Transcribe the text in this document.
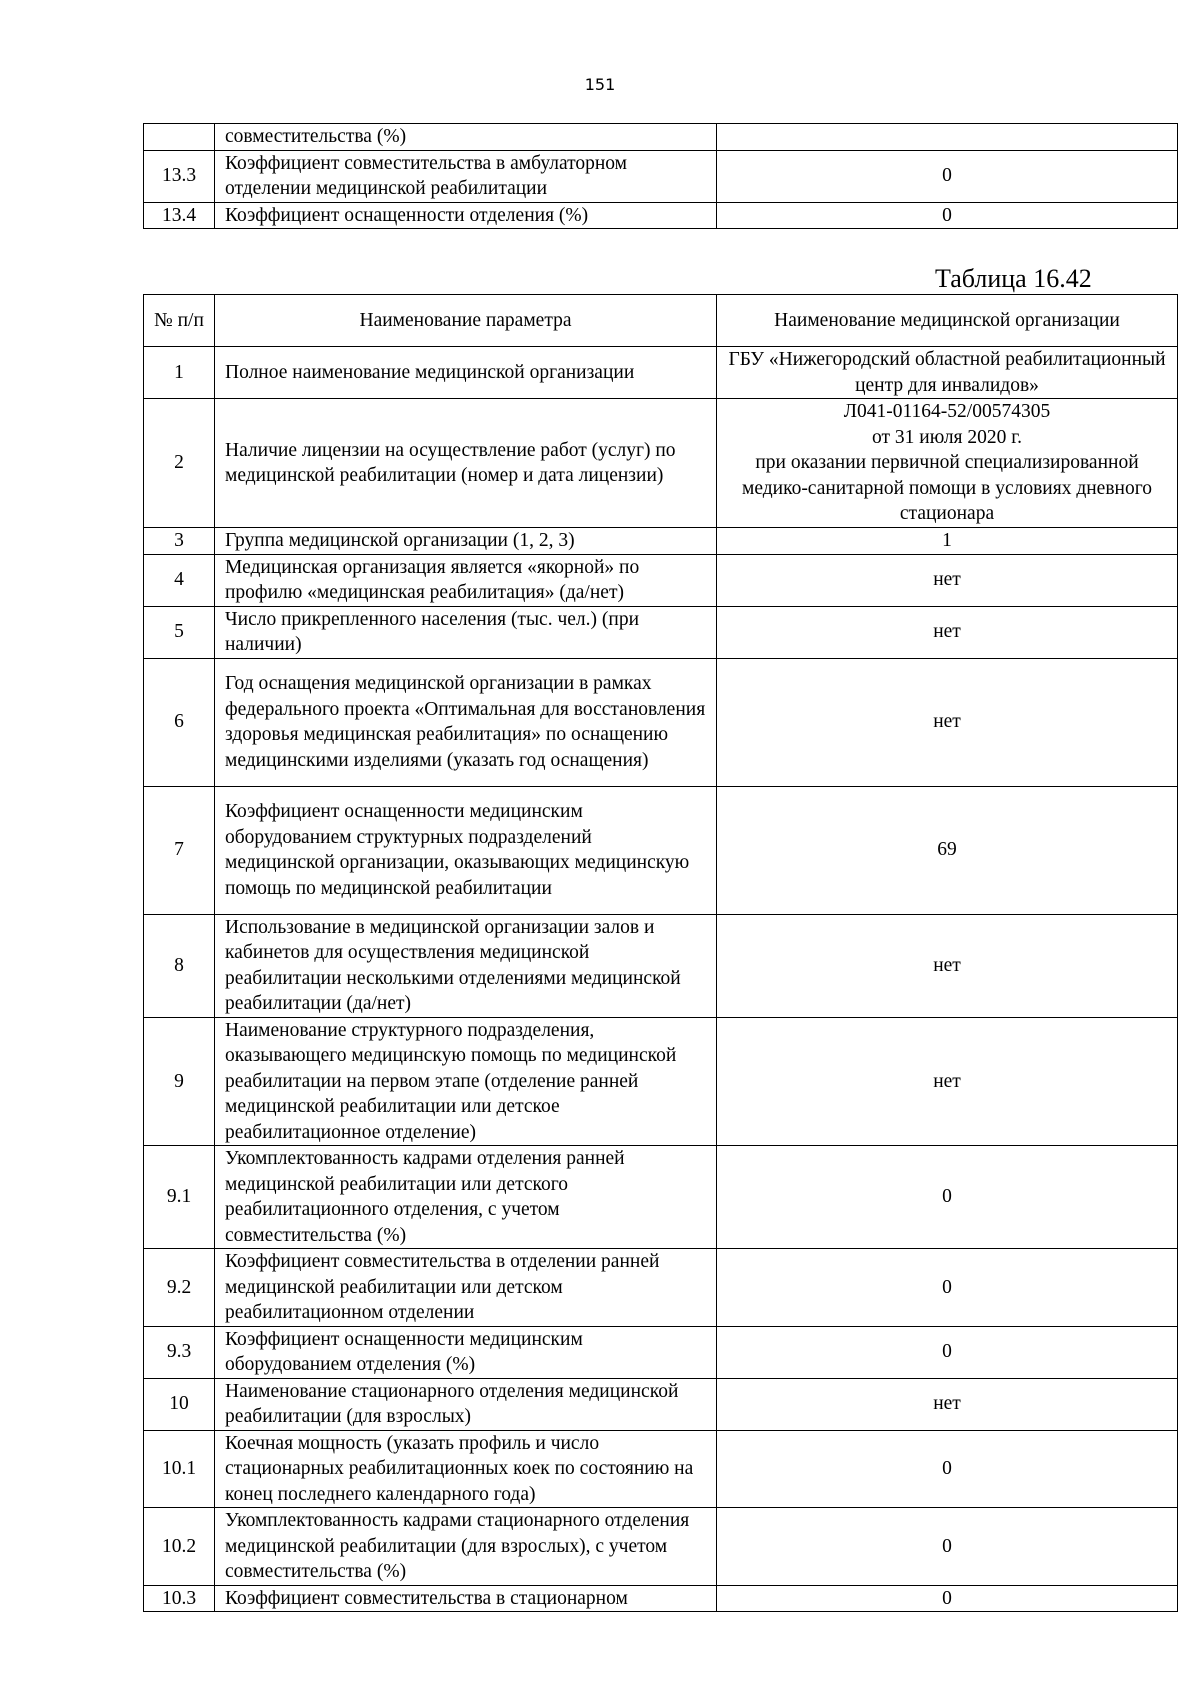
151
	совместительства (%)	
13.3	Коэффициент совместительства в амбулаторном отделении медицинской реабилитации	0
13.4	Коэффициент оснащенности отделения (%)	0
Таблица 16.42
№ п/п	Наименование параметра	Наименование медицинской организации
1	Полное наименование медицинской организации	ГБУ «Нижегородский областной реабилитационный центр для инвалидов»
2	Наличие лицензии на осуществление работ (услуг) по медицинской реабилитации (номер и дата лицензии)	Л041-01164-52/00574305
от 31 июля 2020 г.
при оказании первичной специализированной медико-санитарной помощи в условиях дневного стационара
3	Группа медицинской организации (1, 2, 3)	1
4	Медицинская организация является «якорной» по профилю «медицинская реабилитация» (да/нет)	нет
5	Число прикрепленного населения (тыс. чел.) (при наличии)	нет
6	Год оснащения медицинской организации в рамках федерального проекта «Оптимальная для восстановления здоровья медицинская реабилитация» по оснащению медицинскими изделиями (указать год оснащения)	нет
7	Коэффициент оснащенности медицинским оборудованием структурных подразделений медицинской организации, оказывающих медицинскую помощь по медицинской реабилитации	69
8	Использование в медицинской организации залов и кабинетов для осуществления медицинской реабилитации несколькими отделениями медицинской реабилитации (да/нет)	нет
9	Наименование структурного подразделения, оказывающего медицинскую помощь по медицинской реабилитации на первом этапе (отделение ранней медицинской реабилитации или детское реабилитационное отделение)	нет
9.1	Укомплектованность кадрами отделения ранней медицинской реабилитации или детского реабилитационного отделения, с учетом совместительства (%)	0
9.2	Коэффициент совместительства в отделении ранней медицинской реабилитации или детском реабилитационном отделении	0
9.3	Коэффициент оснащенности медицинским оборудованием отделения (%)	0
10	Наименование стационарного отделения медицинской реабилитации (для взрослых)	нет
10.1	Коечная мощность (указать профиль и число стационарных реабилитационных коек по состоянию на конец последнего календарного года)	0
10.2	Укомплектованность кадрами стационарного отделения медицинской реабилитации (для взрослых), с учетом совместительства (%)	0
10.3	Коэффициент совместительства в стационарном	0
